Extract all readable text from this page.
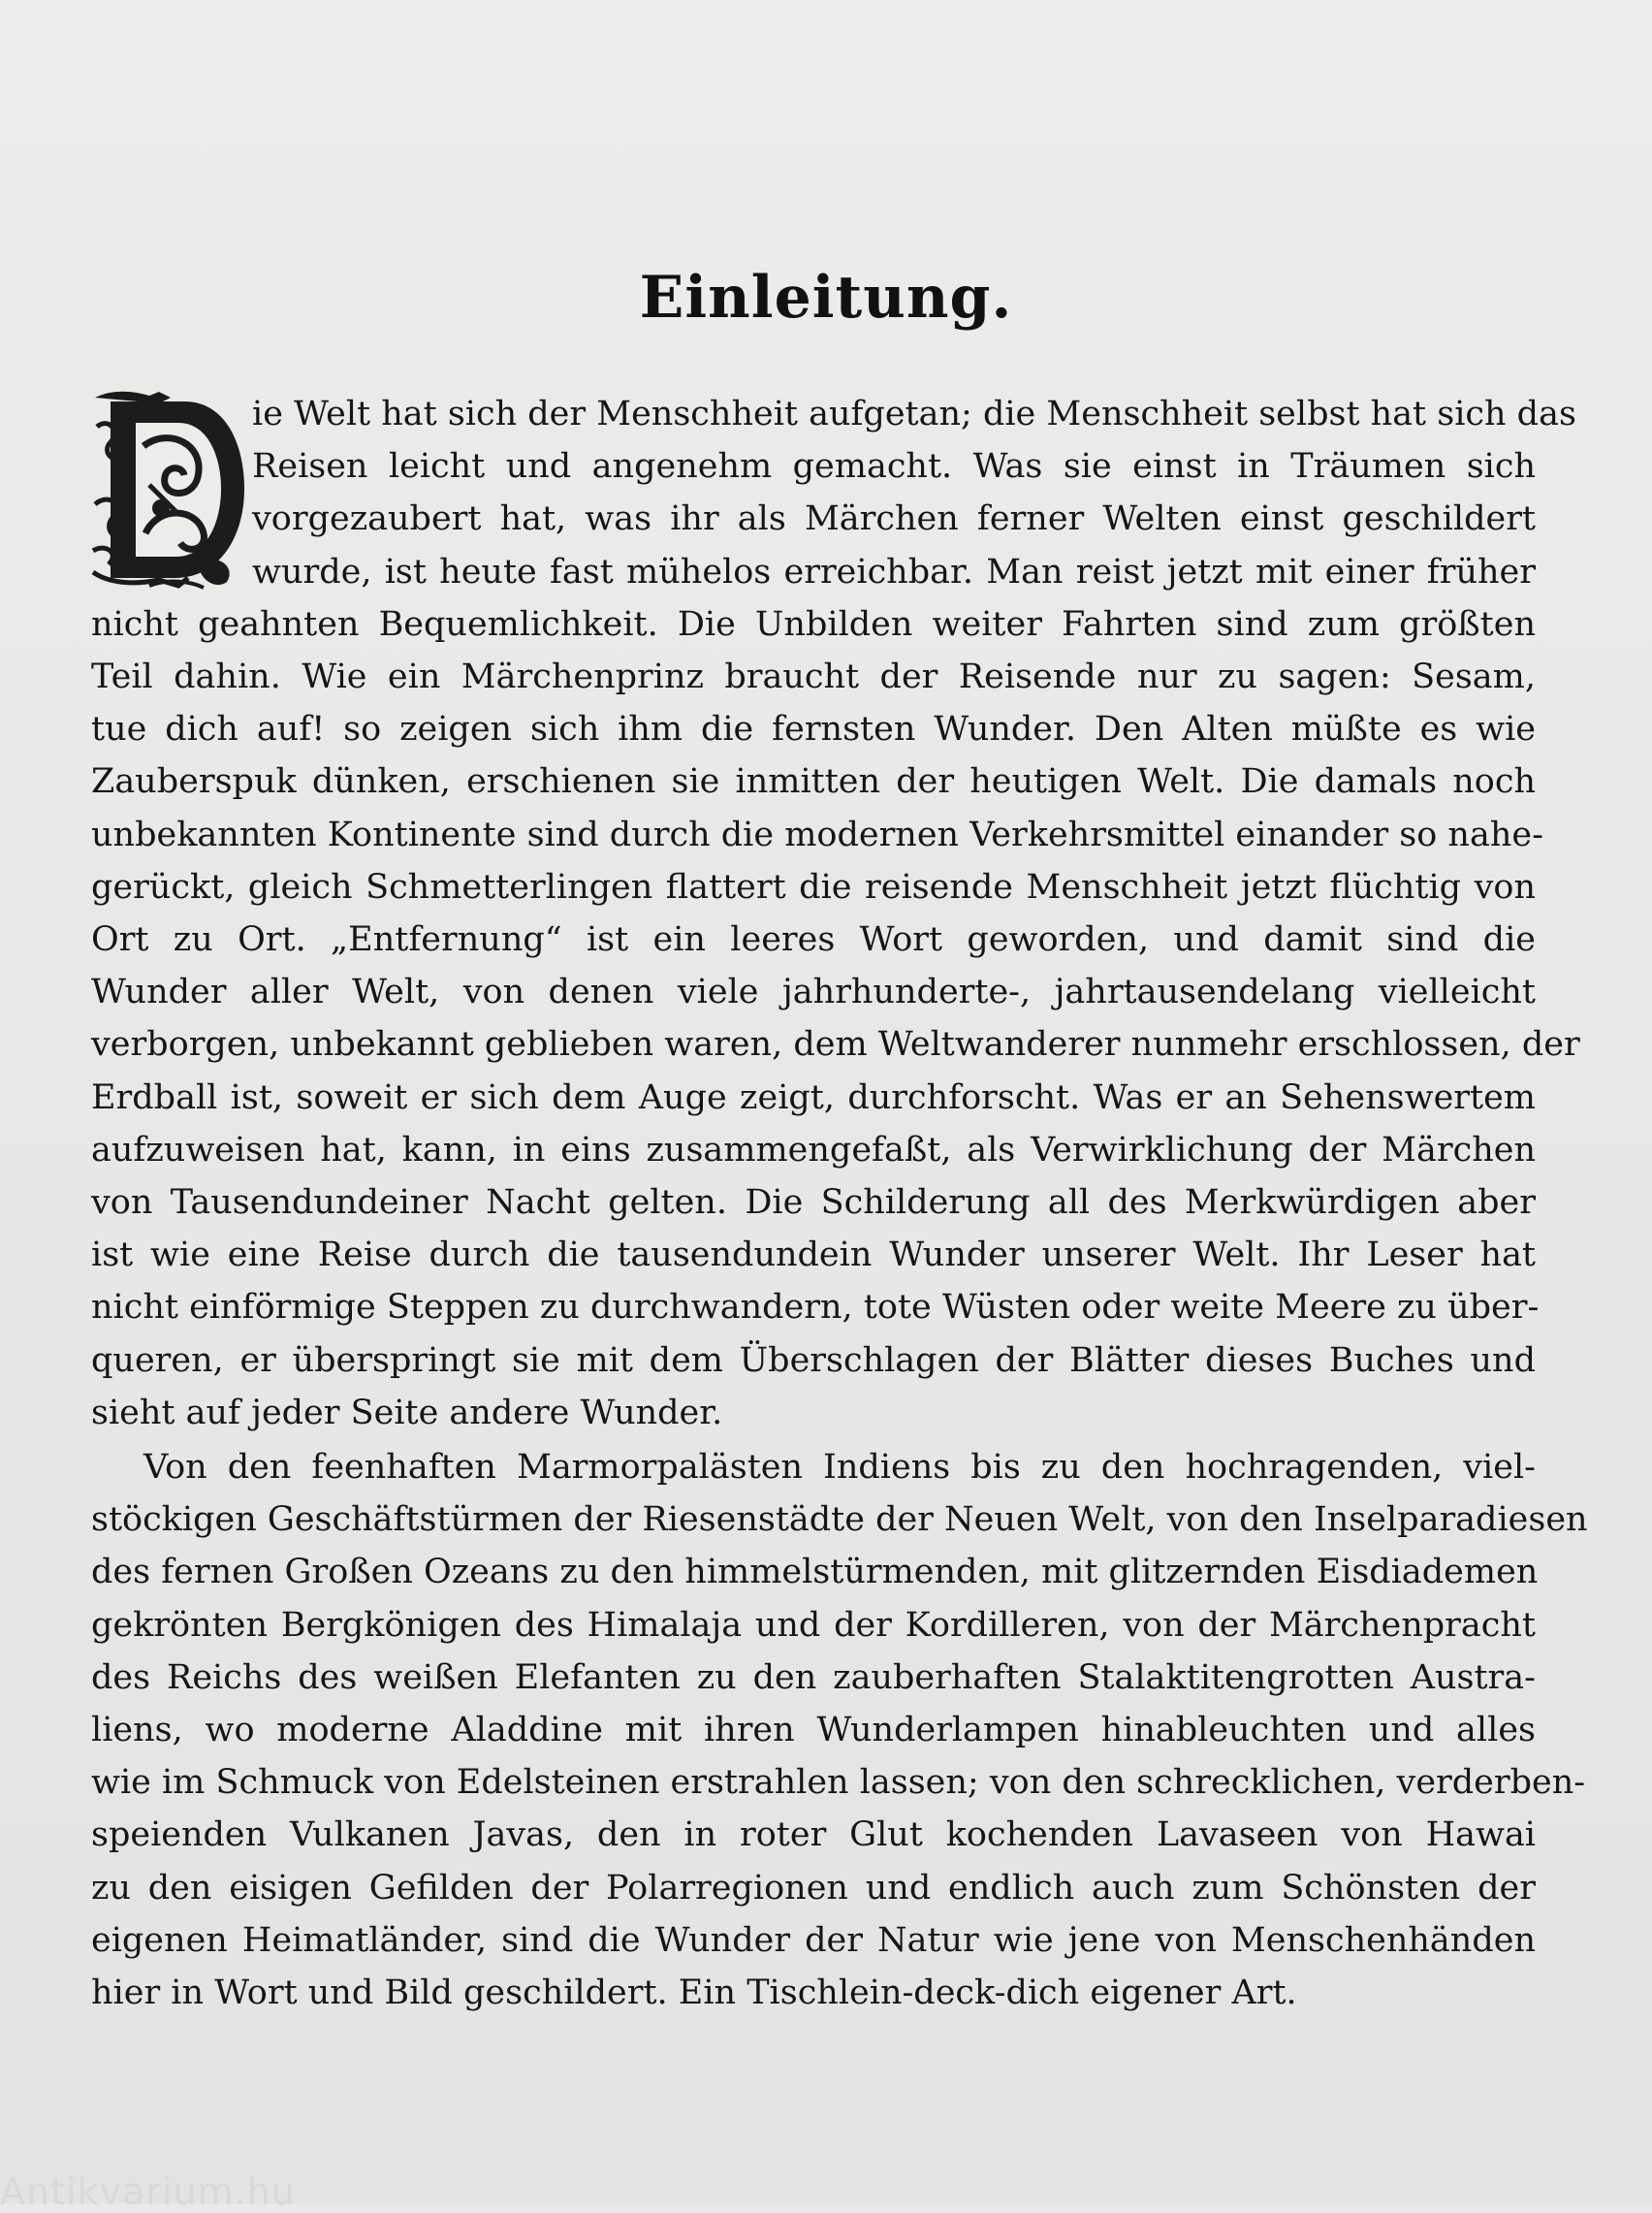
Einleitung.
ie Welt hat sich der Menschheit aufgetan; die Menschheit selbst hat sich das
Reisen leicht und angenehm gemacht. Was sie einst in Träumen sich
vorgezaubert hat, was ihr als Märchen ferner Welten einst geschildert
wurde, ist heute fast mühelos erreichbar. Man reist jetzt mit einer früher
nicht geahnten Bequemlichkeit. Die Unbilden weiter Fahrten sind zum größten
Teil dahin. Wie ein Märchenprinz braucht der Reisende nur zu sagen: Sesam,
tue dich auf! so zeigen sich ihm die fernsten Wunder. Den Alten müßte es wie
Zauberspuk dünken, erschienen sie inmitten der heutigen Welt. Die damals noch
unbekannten Kontinente sind durch die modernen Verkehrsmittel einander so nahe-
gerückt, gleich Schmetterlingen flattert die reisende Menschheit jetzt flüchtig von
Ort zu Ort. „Entfernung“ ist ein leeres Wort geworden, und damit sind die
Wunder aller Welt, von denen viele jahrhunderte-, jahrtausendelang vielleicht
verborgen, unbekannt geblieben waren, dem Weltwanderer nunmehr erschlossen, der
Erdball ist, soweit er sich dem Auge zeigt, durchforscht. Was er an Sehenswertem
aufzuweisen hat, kann, in eins zusammengefaßt, als Verwirklichung der Märchen
von Tausendundeiner Nacht gelten. Die Schilderung all des Merkwürdigen aber
ist wie eine Reise durch die tausendundein Wunder unserer Welt. Ihr Leser hat
nicht einförmige Steppen zu durchwandern, tote Wüsten oder weite Meere zu über-
queren, er überspringt sie mit dem Überschlagen der Blätter dieses Buches und
sieht auf jeder Seite andere Wunder.
Von den feenhaften Marmorpalästen Indiens bis zu den hochragenden, viel-
stöckigen Geschäftstürmen der Riesenstädte der Neuen Welt, von den Inselparadiesen
des fernen Großen Ozeans zu den himmelstürmenden, mit glitzernden Eisdiademen
gekrönten Bergkönigen des Himalaja und der Kordilleren, von der Märchenpracht
des Reichs des weißen Elefanten zu den zauberhaften Stalaktitengrotten Austra-
liens, wo moderne Aladdine mit ihren Wunderlampen hinableuchten und alles
wie im Schmuck von Edelsteinen erstrahlen lassen; von den schrecklichen, verderben-
speienden Vulkanen Javas, den in roter Glut kochenden Lavaseen von Hawai
zu den eisigen Gefilden der Polarregionen und endlich auch zum Schönsten der
eigenen Heimatländer, sind die Wunder der Natur wie jene von Menschenhänden
hier in Wort und Bild geschildert. Ein Tischlein-deck-dich eigener Art.
Antikvarium.hu
